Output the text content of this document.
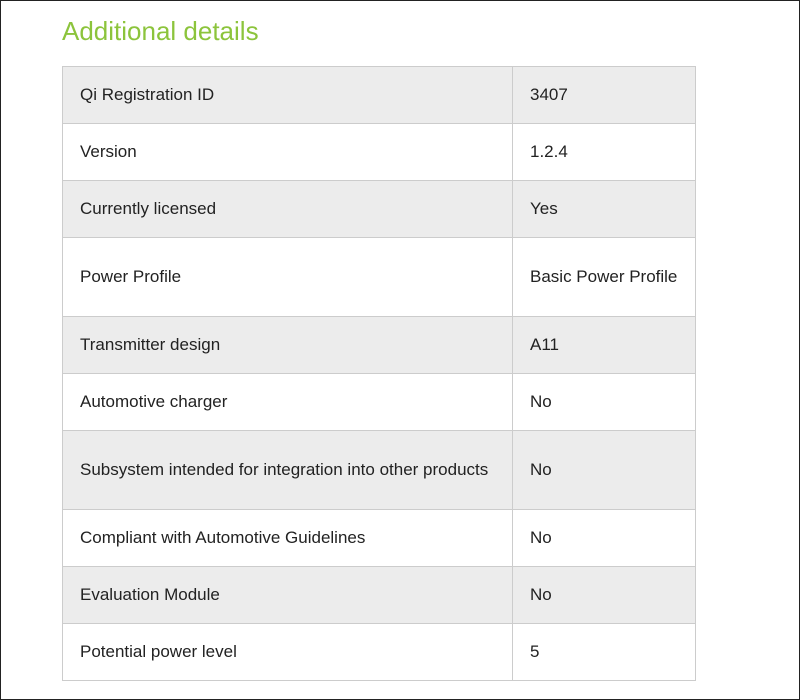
Additional details
Qi Registration ID	3407
Version	1.2.4
Currently licensed	Yes
Power Profile	Basic Power Profile
Transmitter design	A11
Automotive charger	No
Subsystem intended for integration into other products	No
Compliant with Automotive Guidelines	No
Evaluation Module	No
Potential power level	5
